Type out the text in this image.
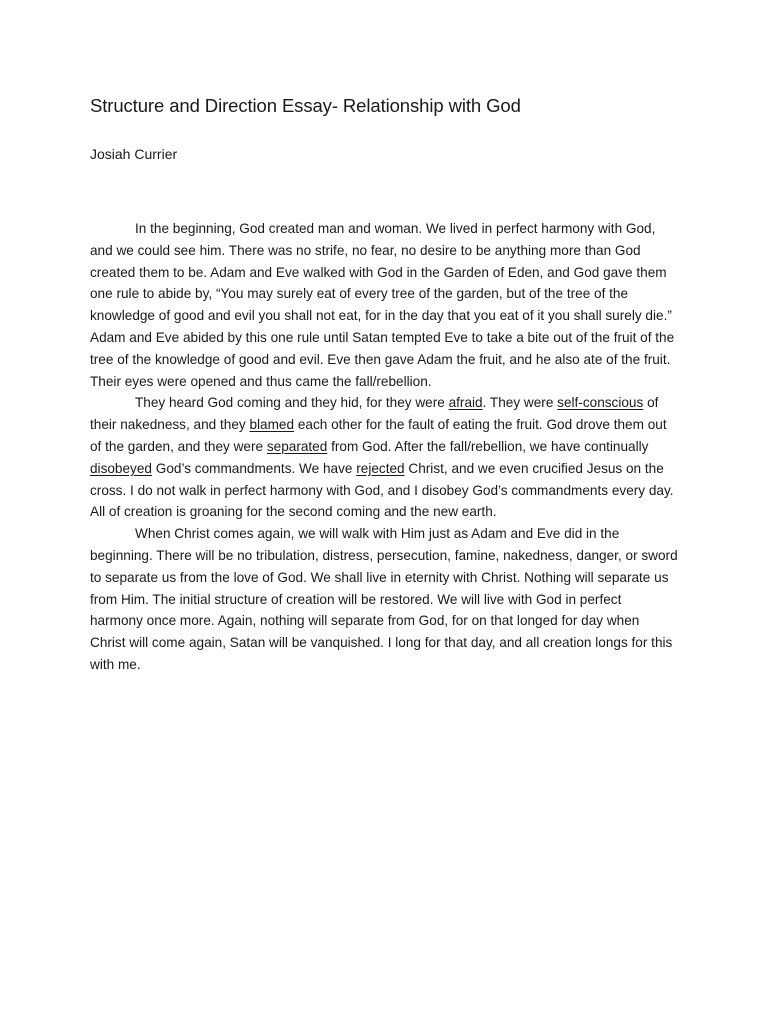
Structure and Direction Essay- Relationship with God

Josiah Currier

In the beginning, God created man and woman. We lived in perfect harmony with God, and we could see him. There was no strife, no fear, no desire to be anything more than God created them to be. Adam and Eve walked with God in the Garden of Eden, and God gave them one rule to abide by, “You may surely eat of every tree of the garden, but of the tree of the knowledge of good and evil you shall not eat, for in the day that you eat of it you shall surely die.” Adam and Eve abided by this one rule until Satan tempted Eve to take a bite out of the fruit of the tree of the knowledge of good and evil. Eve then gave Adam the fruit, and he also ate of the fruit. Their eyes were opened and thus came the fall/rebellion.

They heard God coming and they hid, for they were afraid. They were self-conscious of their nakedness, and they blamed each other for the fault of eating the fruit. God drove them out of the garden, and they were separated from God. After the fall/rebellion, we have continually disobeyed God’s commandments. We have rejected Christ, and we even crucified Jesus on the cross. I do not walk in perfect harmony with God, and I disobey God’s commandments every day. All of creation is groaning for the second coming and the new earth.

When Christ comes again, we will walk with Him just as Adam and Eve did in the beginning. There will be no tribulation, distress, persecution, famine, nakedness, danger, or sword to separate us from the love of God. We shall live in eternity with Christ. Nothing will separate us from Him. The initial structure of creation will be restored. We will live with God in perfect harmony once more. Again, nothing will separate from God, for on that longed for day when Christ will come again, Satan will be vanquished. I long for that day, and all creation longs for this with me.
